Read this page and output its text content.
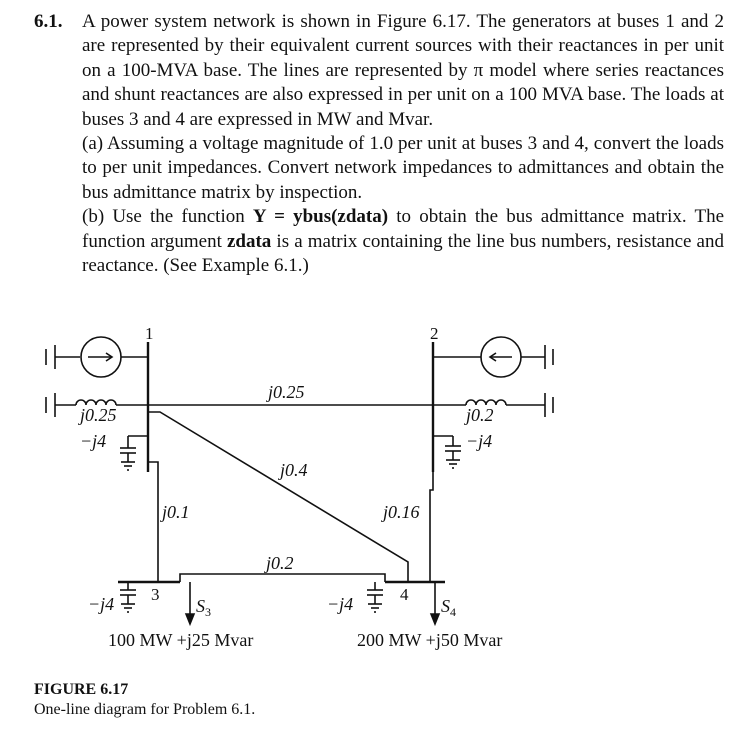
6.1. A power system network is shown in Figure 6.17. The generators at buses 1 and 2 are represented by their equivalent current sources with their reactances in per unit on a 100-MVA base. The lines are represented by π model where series reactances and shunt reactances are also expressed in per unit on a 100 MVA base. The loads at buses 3 and 4 are expressed in MW and Mvar.

(a) Assuming a voltage magnitude of 1.0 per unit at buses 3 and 4, convert the loads to per unit impedances. Convert network impedances to admittances and obtain the bus admittance matrix by inspection.

(b) Use the function Y = ybus(zdata) to obtain the bus admittance matrix. The function argument zdata is a matrix containing the line bus numbers, resistance and reactance. (See Example 6.1.)

1	2
3	4
j0.25	j0.2
−j4	−j4
−j4	−j4
j0.25
j0.4
j0.1	j0.16
j0.2
$S_3$	$S_4$
100 MW +j25 Mvar	200 MW +j50 Mvar
FIGURE 6.17
One-line diagram for Problem 6.1.
